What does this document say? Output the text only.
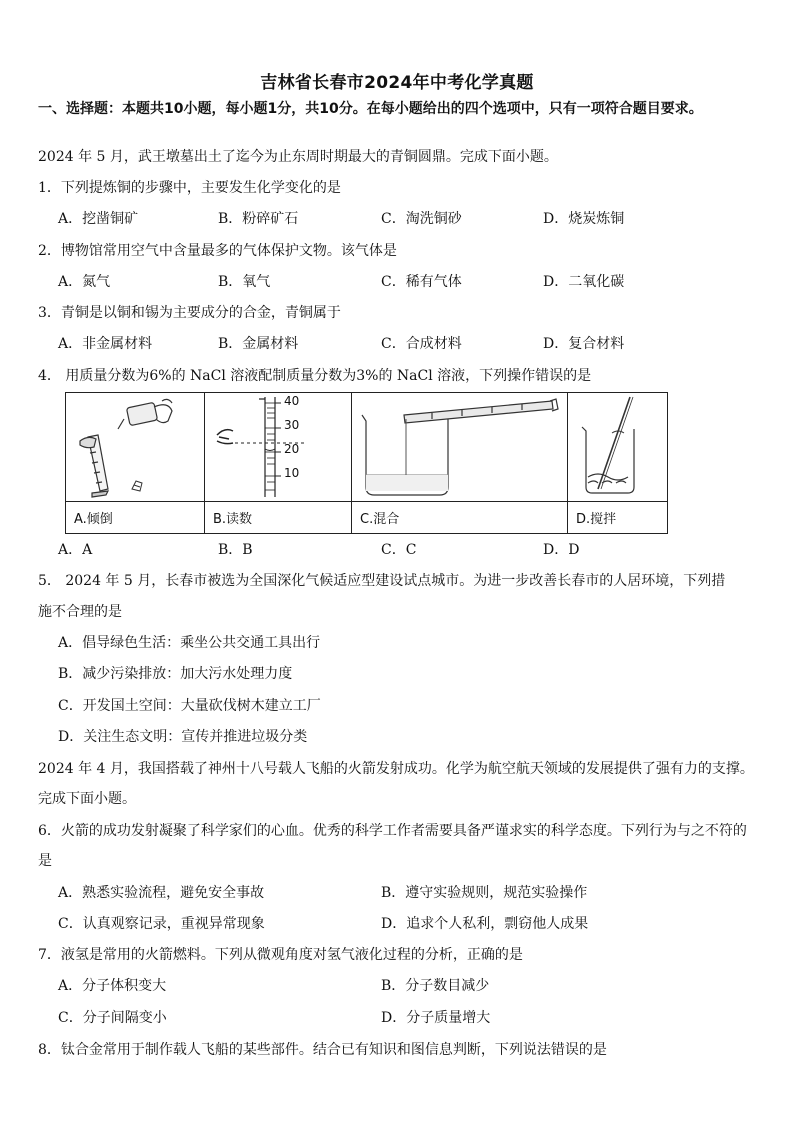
吉林省长春市2024年中考化学真题
一、选择题：本题共10小题，每小题1分，共10分。在每小题给出的四个选项中，只有一项符合题目要求。
2024 年 5 月，武王墩墓出土了迄今为止东周时期最大的青铜圆鼎。完成下面小题。
1．下列提炼铜的步骤中，主要发生化学变化的是
A．挖凿铜矿	B．粉碎矿石	C．淘洗铜砂	D．烧炭炼铜
2．博物馆常用空气中含量最多的气体保护文物。该气体是
A．氮气	B．氧气	C．稀有气体	D．二氧化碳
3．青铜是以铜和锡为主要成分的合金，青铜属于
A．非金属材料	B．金属材料	C．合成材料	D．复合材料
4． 用质量分数为6%的 NaCl 溶液配制质量分数为3%的 NaCl 溶液，下列操作错误的是

40
30
20
10

A.倾倒	B.读数	C.混合	D.搅拌
A．A	B．B	C．C	D．D
5． 2024 年 5 月，长春市被选为全国深化气候适应型建设试点城市。为进一步改善长春市的人居环境，下列措
施不合理的是
A．倡导绿色生活：乘坐公共交通工具出行
B．减少污染排放：加大污水处理力度
C．开发国土空间：大量砍伐树木建立工厂
D．关注生态文明：宣传并推进垃圾分类
2024 年 4 月，我国搭载了神州十八号载人飞船的火箭发射成功。化学为航空航天领域的发展提供了强有力的支撑。完成下面小题。
6．火箭的成功发射凝聚了科学家们的心血。优秀的科学工作者需要具备严谨求实的科学态度。下列行为与之不符的是
A．熟悉实验流程，避免安全事故	B．遵守实验规则，规范实验操作
C．认真观察记录，重视异常现象	D．追求个人私利，剽窃他人成果
7．液氢是常用的火箭燃料。下列从微观角度对氢气液化过程的分析，正确的是
A．分子体积变大	B．分子数目减少
C．分子间隔变小	D．分子质量增大
8．钛合金常用于制作载人飞船的某些部件。结合已有知识和图信息判断，下列说法错误的是
